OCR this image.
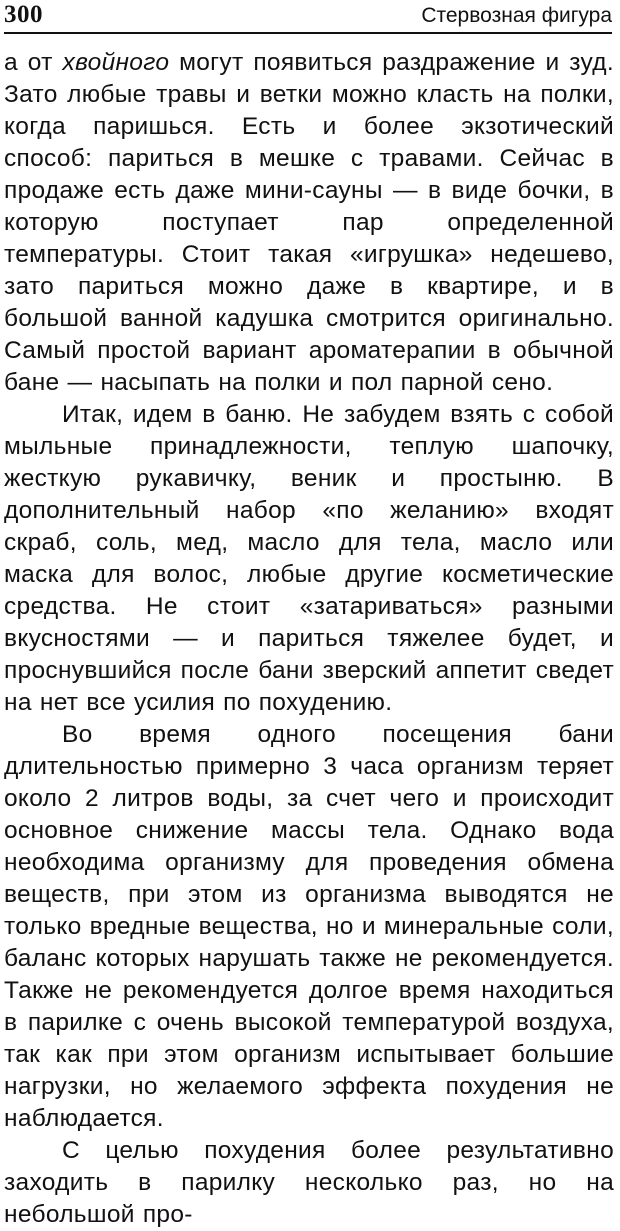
300	Стервозная фигура

а от хвойного могут появиться раздражение и зуд. Зато любые травы и ветки можно класть на полки, когда паришься. Есть и более экзотический способ: париться в мешке с травами. Сейчас в продаже есть даже мини-сауны — в виде бочки, в которую поступает пар определенной температуры. Стоит такая «игрушка» недешево, зато париться можно даже в квартире, и в большой ванной кадушка смотрится оригинально. Самый простой вариант ароматерапии в обычной бане — насыпать на полки и пол парной сено.

Итак, идем в баню. Не забудем взять с собой мыльные принадлежности, теплую шапочку, жесткую рукавичку, веник и простыню. В дополнительный набор «по желанию» входят скраб, соль, мед, масло для тела, масло или маска для волос, любые другие косметические средства. Не стоит «затариваться» разными вкусностями — и париться тяжелее будет, и проснувшийся после бани зверский аппетит сведет на нет все усилия по похудению.

Во время одного посещения бани длительностью примерно 3 часа организм теряет около 2 литров воды, за счет чего и происходит основное снижение массы тела. Однако вода необходима организму для проведения обмена веществ, при этом из организма выводятся не только вредные вещества, но и минеральные соли, баланс которых нарушать также не рекомендуется. Также не рекомендуется долгое время находиться в парилке с очень высокой температурой воздуха, так как при этом организм испытывает большие нагрузки, но желаемого эффекта похудения не наблюдается.

С целью похудения более результативно заходить в парилку несколько раз, но на небольшой про-
